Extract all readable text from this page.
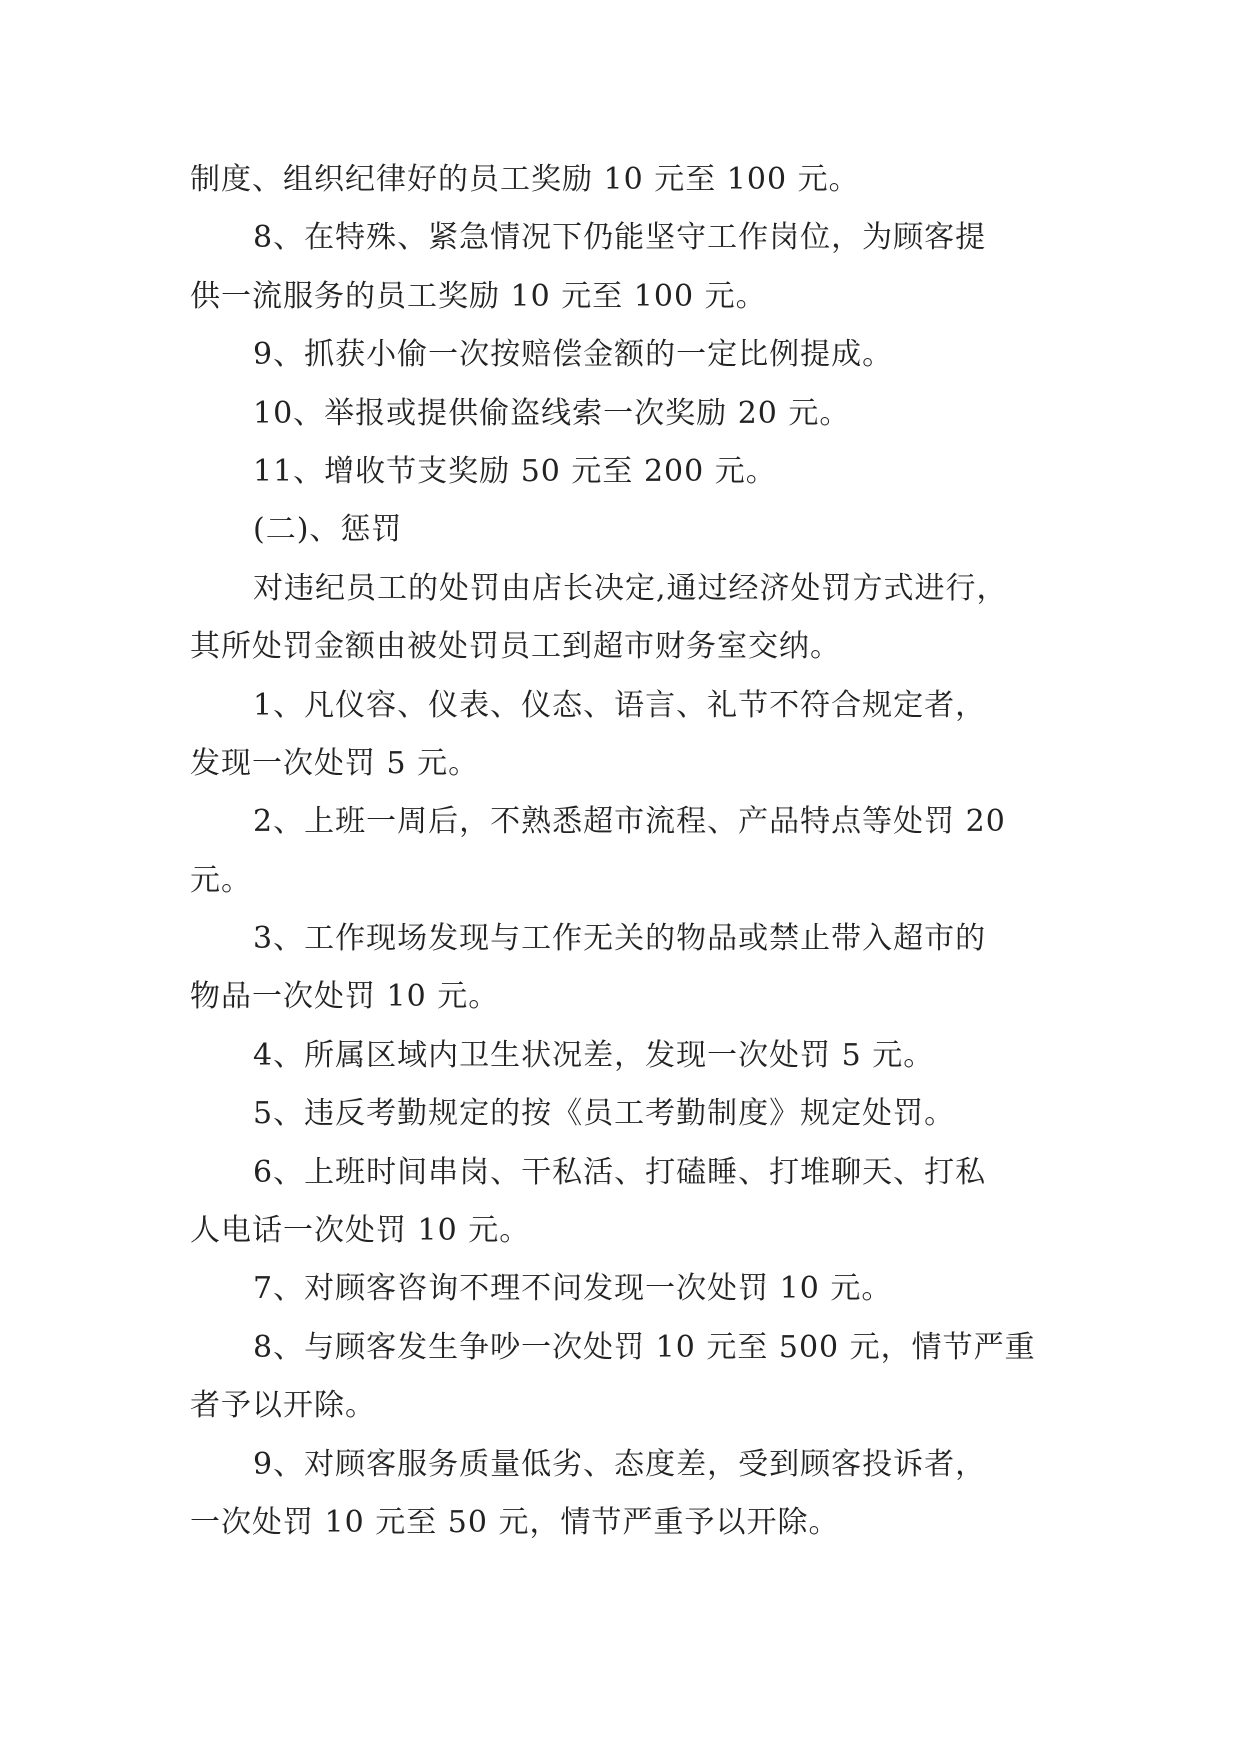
制度、组织纪律好的员工奖励 10 元至 100 元。
8、在特殊、紧急情况下仍能坚守工作岗位，为顾客提
供一流服务的员工奖励 10 元至 100 元。
9、抓获小偷一次按赔偿金额的一定比例提成。
10、举报或提供偷盗线索一次奖励 20 元。
11、增收节支奖励 50 元至 200 元。
(二)、惩罚
对违纪员工的处罚由店长决定,通过经济处罚方式进行，
其所处罚金额由被处罚员工到超市财务室交纳。
1、凡仪容、仪表、仪态、语言、礼节不符合规定者，
发现一次处罚 5 元。
2、上班一周后，不熟悉超市流程、产品特点等处罚 20
元。
3、工作现场发现与工作无关的物品或禁止带入超市的
物品一次处罚 10 元。
4、所属区域内卫生状况差，发现一次处罚 5 元。
5、违反考勤规定的按《员工考勤制度》规定处罚。
6、上班时间串岗、干私活、打磕睡、打堆聊天、打私
人电话一次处罚 10 元。
7、对顾客咨询不理不问发现一次处罚 10 元。
8、与顾客发生争吵一次处罚 10 元至 500 元，情节严重
者予以开除。
9、对顾客服务质量低劣、态度差，受到顾客投诉者，
一次处罚 10 元至 50 元，情节严重予以开除。
